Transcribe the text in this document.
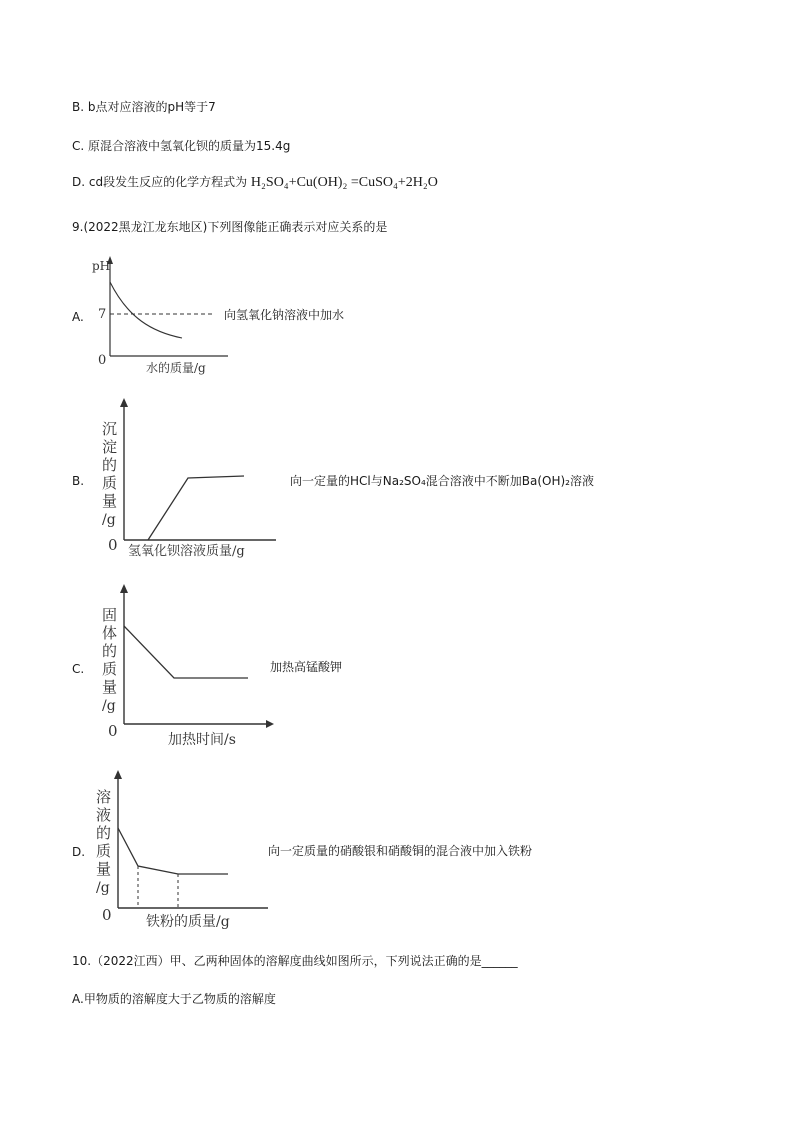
B. b点对应溶液的pH等于7
C. 原混合溶液中氢氧化钡的质量为15.4g
D. cd段发生反应的化学方程式为 H₂SO₄+Cu(OH)₂ =CuSO₄+2H₂O
9.(2022黑龙江龙东地区)下列图像能正确表示对应关系的是
A.	向氢氧化钠溶液中加水
pH
7
0	水的质量/g
B.	向一定量的HCl与Na₂SO₄混合溶液中不断加Ba(OH)₂溶液
沉
淀
的
质
量
/g
0 氢氧化钡溶液质量/g
C.	加热高锰酸钾
固
体
的
质
量
/g
0	加热时间/s
D.	向一定质量的硝酸银和硝酸铜的混合液中加入铁粉
溶
液
的
质
量
/g
0 铁粉的质量/g
10.（2022江西）甲、乙两种固体的溶解度曲线如图所示，下列说法正确的是______
A.甲物质的溶解度大于乙物质的溶解度
